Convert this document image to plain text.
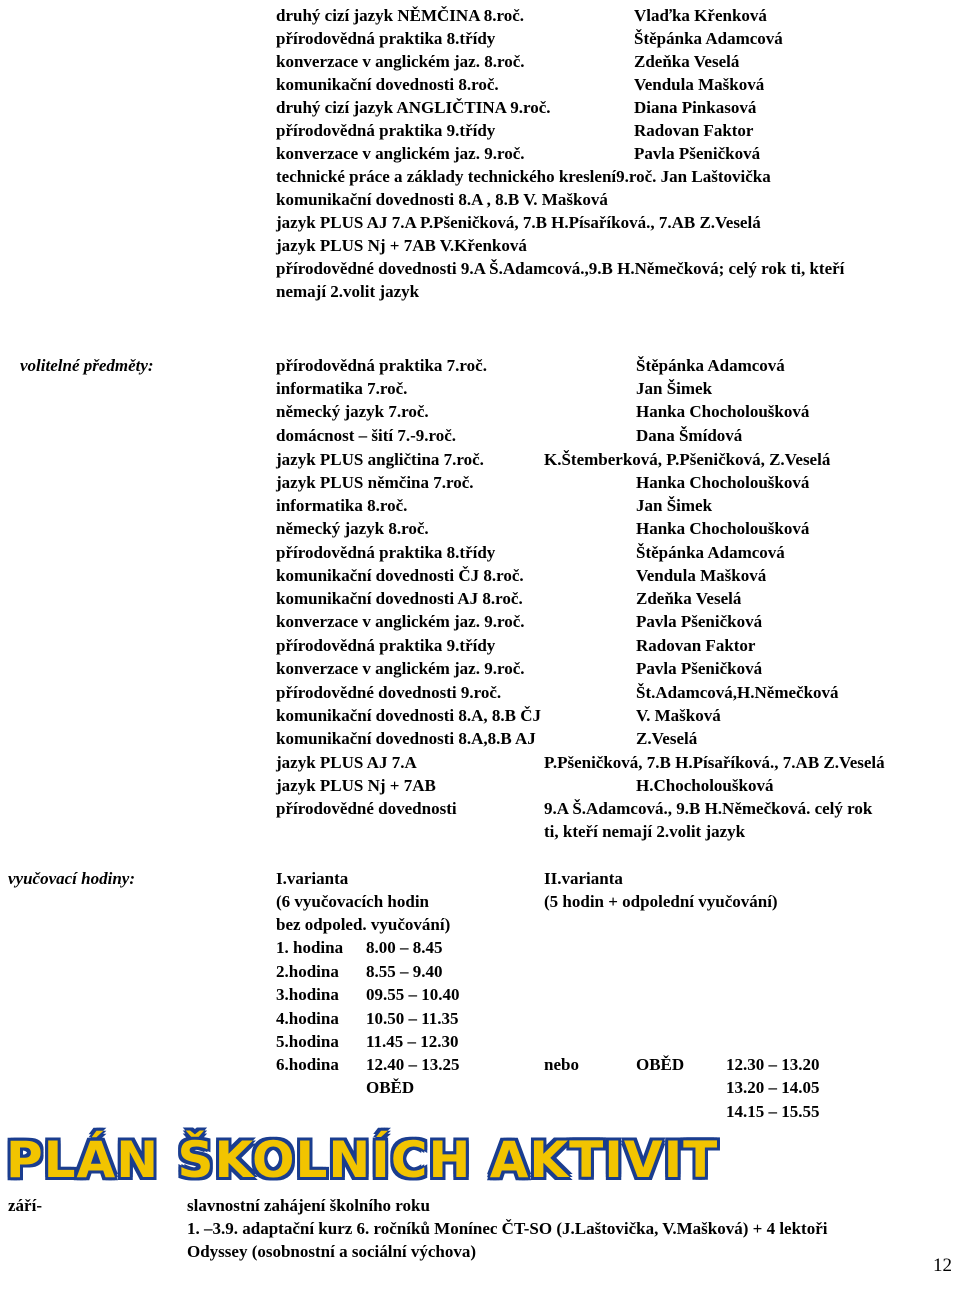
druhý cizí jazyk NĚMČINA 8.roč.	Vlaďka Křenková
přírodovědná praktika 8.třídy	Štěpánka Adamcová
konverzace v anglickém jaz. 8.roč.	Zdeňka Veselá
komunikační dovednosti 8.roč.	Vendula Mašková
druhý cizí jazyk ANGLIČTINA 9.roč.	Diana Pinkasová
přírodovědná praktika 9.třídy	Radovan Faktor
konverzace v anglickém jaz. 9.roč.	Pavla Pšeničková
technické práce a základy technického kreslení9.roč. Jan Laštovička
komunikační dovednosti 8.A , 8.B V. Mašková
jazyk PLUS AJ 7.A P.Pšeničková, 7.B H.Písaříková., 7.AB Z.Veselá
jazyk PLUS Nj + 7AB V.Křenková
přírodovědné dovednosti 9.A Š.Adamcová.,9.B H.Němečková; celý rok ti, kteří
nemají 2.volit jazyk
volitelné předměty:	přírodovědná praktika 7.roč.	Štěpánka Adamcová
informatika 7.roč.	Jan Šimek
německý jazyk 7.roč.	Hanka Chocholoušková
domácnost – šití 7.-9.roč.	Dana Šmídová
jazyk PLUS angličtina 7.roč.	K.Štemberková, P.Pšeničková, Z.Veselá
jazyk PLUS němčina 7.roč.	Hanka Chocholoušková
informatika 8.roč.	Jan Šimek
německý jazyk 8.roč.	Hanka Chocholoušková
přírodovědná praktika 8.třídy	Štěpánka Adamcová
komunikační dovednosti ČJ 8.roč.	Vendula Mašková
komunikační dovednosti AJ 8.roč.	Zdeňka Veselá
konverzace v anglickém jaz. 9.roč.	Pavla Pšeničková
přírodovědná praktika 9.třídy	Radovan Faktor
konverzace v anglickém jaz. 9.roč.	Pavla Pšeničková
přírodovědné dovednosti 9.roč.	Št.Adamcová,H.Němečková
komunikační dovednosti 8.A, 8.B ČJ	V. Mašková
komunikační dovednosti 8.A,8.B AJ	Z.Veselá
jazyk PLUS AJ 7.A	P.Pšeničková, 7.B H.Písaříková., 7.AB Z.Veselá
jazyk PLUS Nj + 7AB	H.Chocholoušková
přírodovědné dovednosti	9.A Š.Adamcová., 9.B H.Němečková. celý rok
ti, kteří nemají 2.volit jazyk
vyučovací hodiny:	I.varianta	II.varianta
(6 vyučovacích hodin	(5 hodin + odpolední vyučování)
bez odpoled. vyučování)
1. hodina 8.00 – 8.45
2.hodina 8.55 – 9.40
3.hodina 09.55 – 10.40
4.hodina 10.50 – 11.35
5.hodina 11.45 – 12.30
6.hodina 12.40 – 13.25
OBĚD
nebo	OBĚD 12.30 – 13.20
13.20 – 14.05
14.15 – 15.55
PLÁN ŠKOLNÍCH AKTIVIT
září-	slavnostní zahájení školního roku
1. –3.9. adaptační kurz 6. ročníků Monínec ČT-SO (J.Laštovička, V.Mašková) + 4 lektoři
Odyssey (osobnostní a sociální výchova)
12
